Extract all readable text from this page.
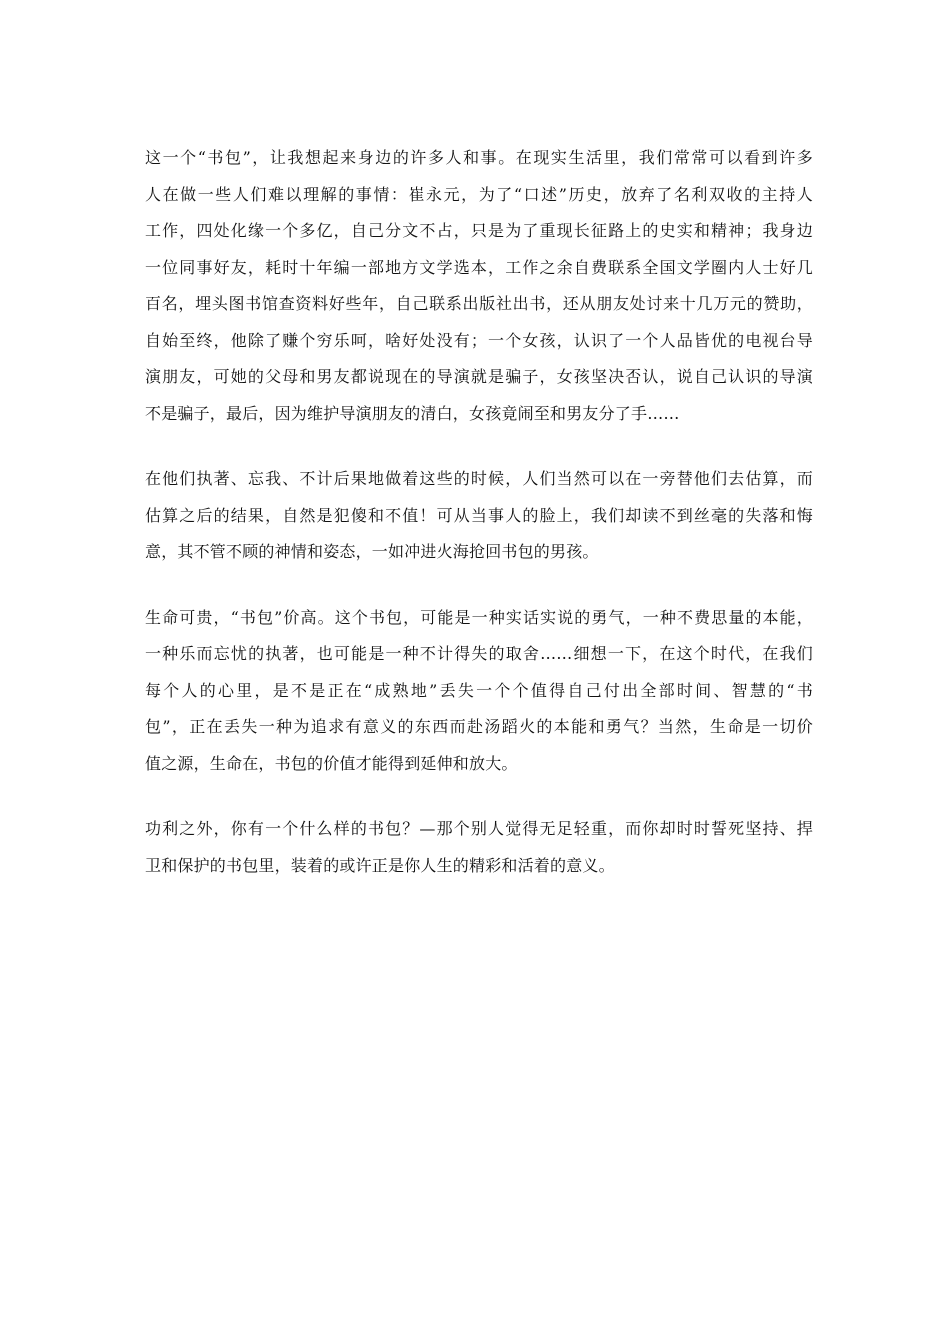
这一个“书包”，让我想起来身边的许多人和事。在现实生活里，我们常常可以看到许多
人在做一些人们难以理解的事情：崔永元，为了“口述”历史，放弃了名利双收的主持人
工作，四处化缘一个多亿，自己分文不占，只是为了重现长征路上的史实和精神；我身边
一位同事好友，耗时十年编一部地方文学选本，工作之余自费联系全国文学圈内人士好几
百名，埋头图书馆查资料好些年，自己联系出版社出书，还从朋友处讨来十几万元的赞助，
自始至终，他除了赚个穷乐呵，啥好处没有；一个女孩，认识了一个人品皆优的电视台导
演朋友，可她的父母和男友都说现在的导演就是骗子，女孩坚决否认，说自己认识的导演
不是骗子，最后，因为维护导演朋友的清白，女孩竟闹至和男友分了手……

在他们执著、忘我、不计后果地做着这些的时候，人们当然可以在一旁替他们去估算，而
估算之后的结果，自然是犯傻和不值！可从当事人的脸上，我们却读不到丝毫的失落和悔
意，其不管不顾的神情和姿态，一如冲进火海抢回书包的男孩。

生命可贵，“书包”价高。这个书包，可能是一种实话实说的勇气，一种不费思量的本能，
一种乐而忘忧的执著，也可能是一种不计得失的取舍……细想一下，在这个时代，在我们
每个人的心里，是不是正在“成熟地”丢失一个个值得自己付出全部时间、智慧的“书
包”，正在丢失一种为追求有意义的东西而赴汤蹈火的本能和勇气？当然，生命是一切价
值之源，生命在，书包的价值才能得到延伸和放大。

功利之外，你有一个什么样的书包？—那个别人觉得无足轻重，而你却时时誓死坚持、捍
卫和保护的书包里，装着的或许正是你人生的精彩和活着的意义。
